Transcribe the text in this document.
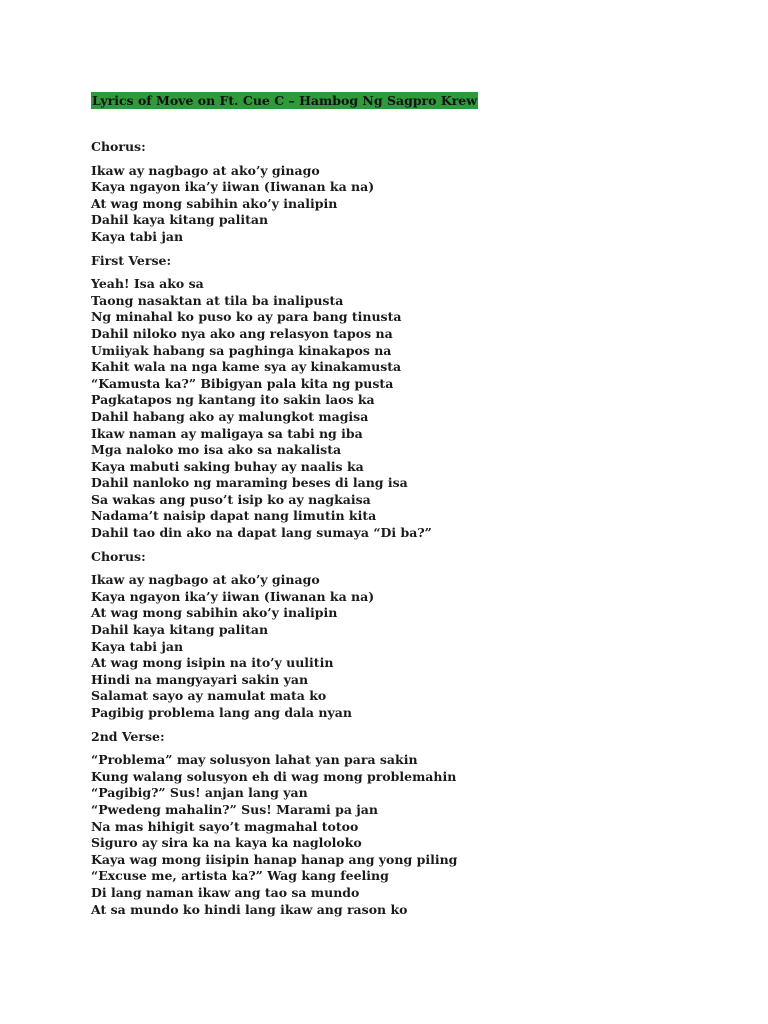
Lyrics of Move on Ft. Cue C – Hambog Ng Sagpro Krew
Chorus:
Ikaw ay nagbago at ako’y ginago
Kaya ngayon ika’y iiwan (Iiwanan ka na)
At wag mong sabihin ako’y inalipin
Dahil kaya kitang palitan
Kaya tabi jan
First Verse:
Yeah! Isa ako sa
Taong nasaktan at tila ba inalipusta
Ng minahal ko puso ko ay para bang tinusta
Dahil niloko nya ako ang relasyon tapos na
Umiiyak habang sa paghinga kinakapos na
Kahit wala na nga kame sya ay kinakamusta
“Kamusta ka?” Bibigyan pala kita ng pusta
Pagkatapos ng kantang ito sakin laos ka
Dahil habang ako ay malungkot magisa
Ikaw naman ay maligaya sa tabi ng iba
Mga naloko mo isa ako sa nakalista
Kaya mabuti saking buhay ay naalis ka
Dahil nanloko ng maraming beses di lang isa
Sa wakas ang puso’t isip ko ay nagkaisa
Nadama’t naisip dapat nang limutin kita
Dahil tao din ako na dapat lang sumaya “Di ba?”
Chorus:
Ikaw ay nagbago at ako’y ginago
Kaya ngayon ika’y iiwan (Iiwanan ka na)
At wag mong sabihin ako’y inalipin
Dahil kaya kitang palitan
Kaya tabi jan
At wag mong isipin na ito’y uulitin
Hindi na mangyayari sakin yan
Salamat sayo ay namulat mata ko
Pagibig problema lang ang dala nyan
2nd Verse:
“Problema” may solusyon lahat yan para sakin
Kung walang solusyon eh di wag mong problemahin
“Pagibig?” Sus! anjan lang yan
“Pwedeng mahalin?” Sus! Marami pa jan
Na mas hihigit sayo’t magmahal totoo
Siguro ay sira ka na kaya ka nagloloko
Kaya wag mong iisipin hanap hanap ang yong piling
“Excuse me, artista ka?” Wag kang feeling
Di lang naman ikaw ang tao sa mundo
At sa mundo ko hindi lang ikaw ang rason ko
